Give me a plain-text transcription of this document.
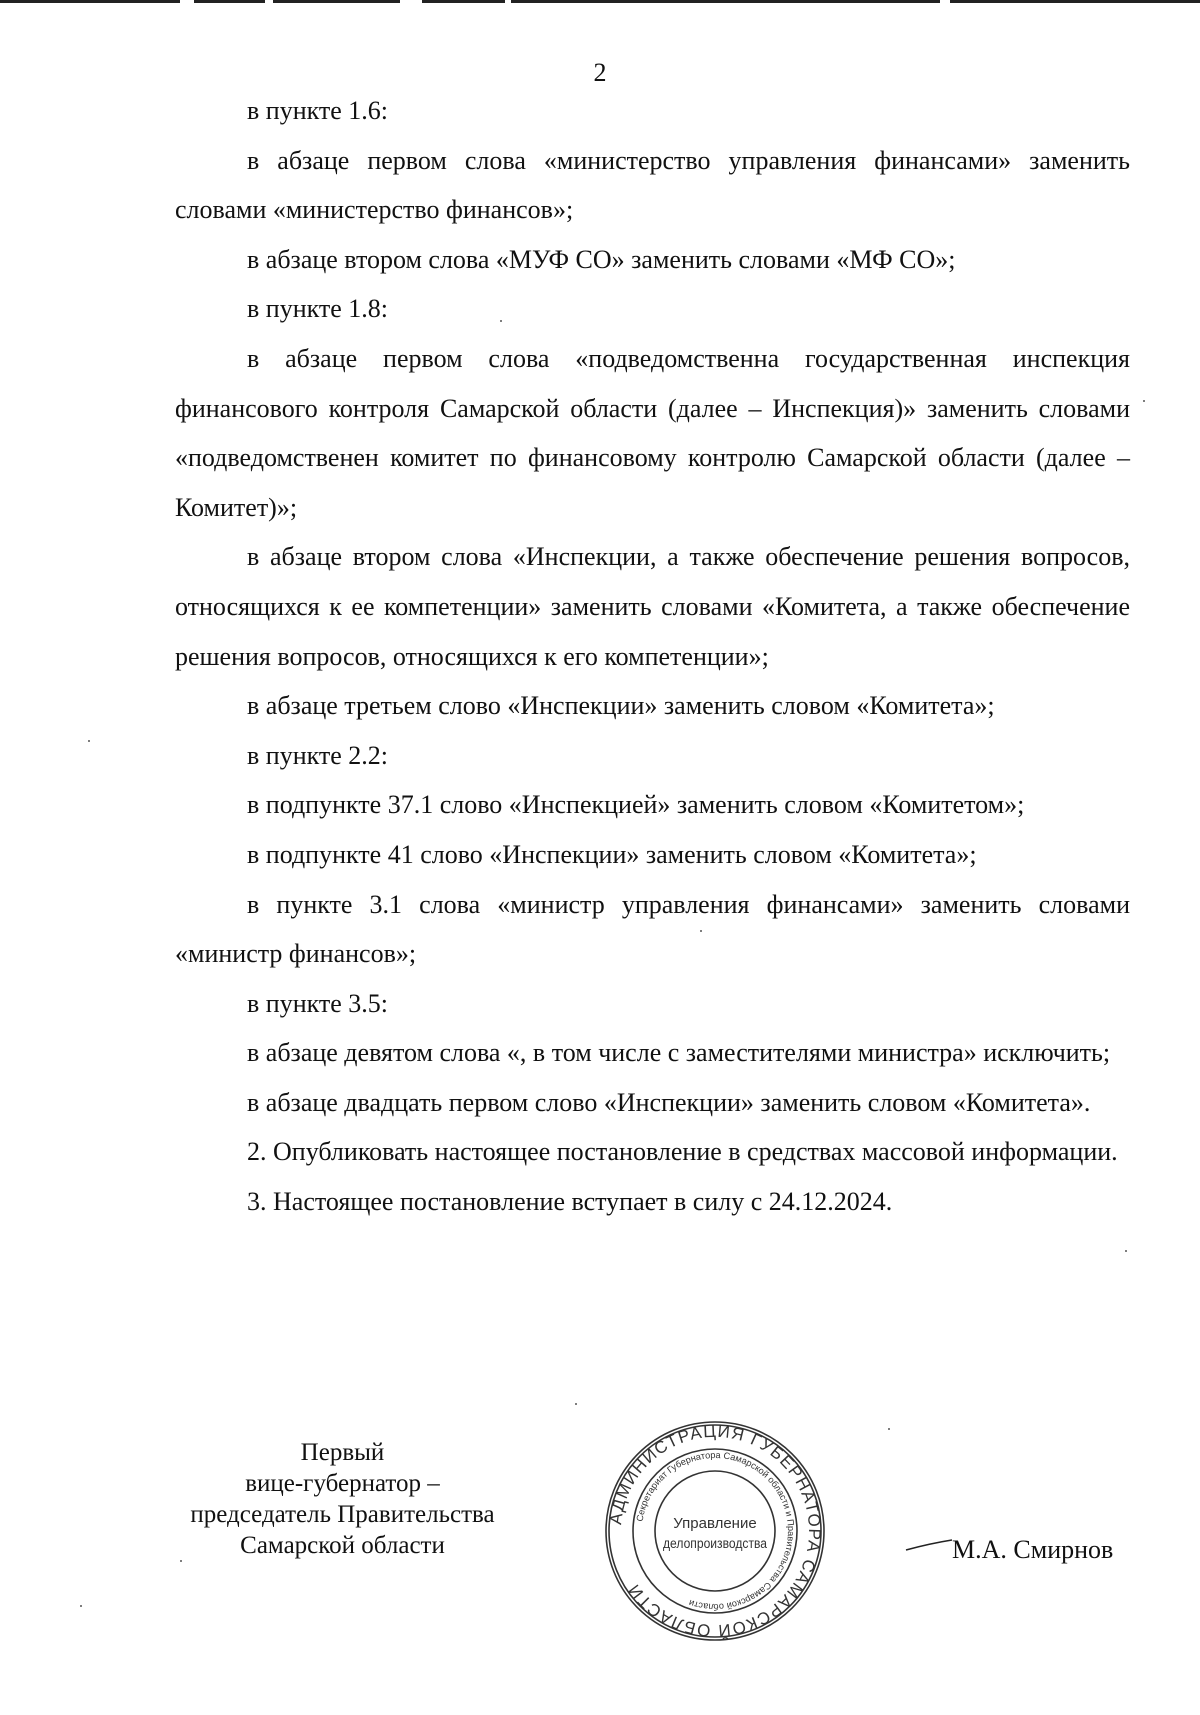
2

в пункте 1.6:

в абзаце первом слова «министерство управления финансами» заменить словами «министерство финансов»;

в абзаце втором слова «МУФ СО» заменить словами «МФ СО»;

в пункте 1.8:

в абзаце первом слова «подведомственна государственная инспекция финансового контроля Самарской области (далее – Инспекция)» заменить словами «подведомственен комитет по финансовому контролю Самарской области (далее – Комитет)»;

в абзаце втором слова «Инспекции, а также обеспечение решения вопросов, относящихся к ее компетенции» заменить словами «Комитета, а также обеспечение решения вопросов, относящихся к его компетенции»;

в абзаце третьем слово «Инспекции» заменить словом «Комитета»;

в пункте 2.2:

в подпункте 37.1 слово «Инспекцией» заменить словом «Комитетом»;

в подпункте 41 слово «Инспекции» заменить словом «Комитета»;

в пункте 3.1 слова «министр управления финансами» заменить словами «министр финансов»;

в пункте 3.5:

в абзаце девятом слова «, в том числе с заместителями министра» исключить;

в абзаце двадцать первом слово «Инспекции» заменить словом «Комитета».

2. Опубликовать настоящее постановление в средствах массовой информации.

3. Настоящее постановление вступает в силу с 24.12.2024.

Первый
вице-губернатор –
председатель Правительства
Самарской области
АДМИНИСТРАЦИЯ ГУБЕРНАТОРА САМАРСКОЙ ОБЛАСТИ
Секретариат Губернатора Самарской области и Правительства Самарской области
Управление
делопроизводства	М.А. Смирнов
